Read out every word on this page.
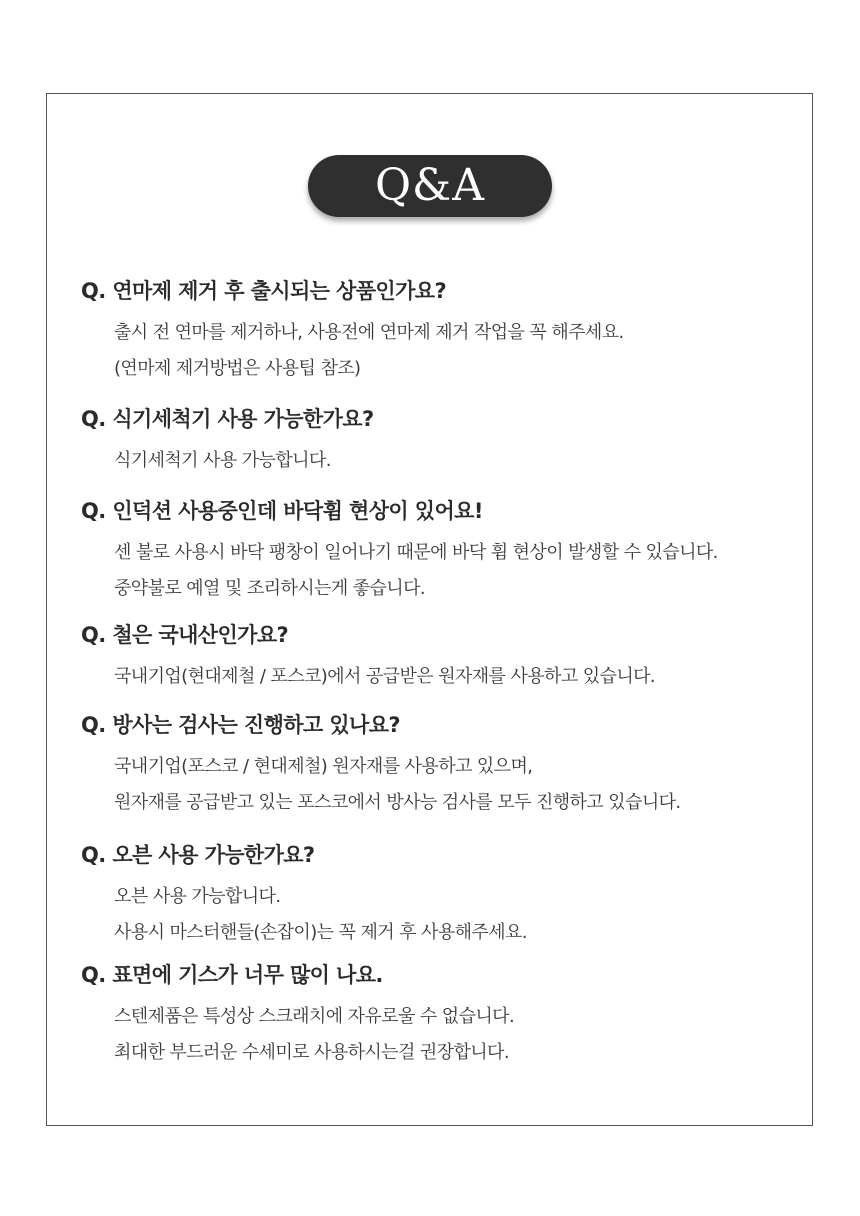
Q&A
Q. 연마제 제거 후 출시되는 상품인가요?
출시 전 연마를 제거하나, 사용전에 연마제 제거 작업을 꼭 해주세요.
(연마제 제거방법은 사용팁 참조)
Q. 식기세척기 사용 가능한가요?
식기세척기 사용 가능합니다.
Q. 인덕션 사용중인데 바닥휨 현상이 있어요!
센 불로 사용시 바닥 팽창이 일어나기 때문에 바닥 휨 현상이 발생할 수 있습니다.
중약불로 예열 및 조리하시는게 좋습니다.
Q. 철은 국내산인가요?
국내기업(현대제철 / 포스코)에서 공급받은 원자재를 사용하고 있습니다.
Q. 방사는 검사는 진행하고 있나요?
국내기업(포스코 / 현대제철) 원자재를 사용하고 있으며,
원자재를 공급받고 있는 포스코에서 방사능 검사를 모두 진행하고 있습니다.
Q. 오븐 사용 가능한가요?
오븐 사용 가능합니다.
사용시 마스터핸들(손잡이)는 꼭 제거 후 사용해주세요.
Q. 표면에 기스가 너무 많이 나요.
스텐제품은 특성상 스크래치에 자유로울 수 없습니다.
최대한 부드러운 수세미로 사용하시는걸 권장합니다.
